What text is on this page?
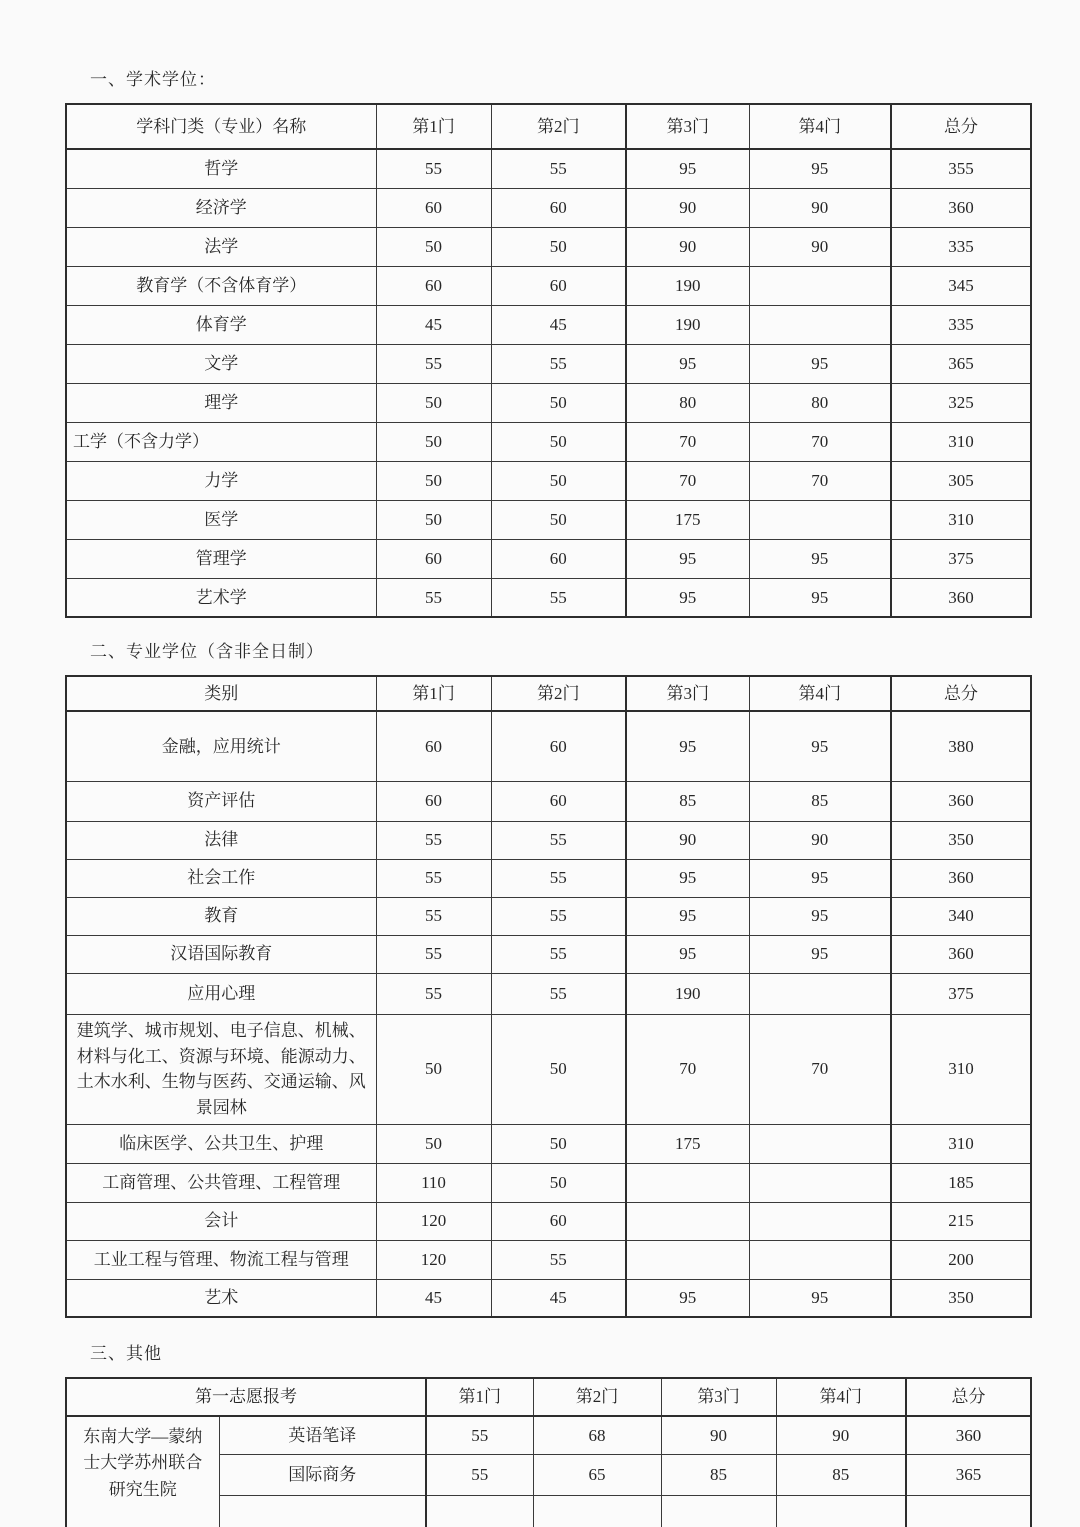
一、学术学位：
学科门类（专业）名称	第1门	第2门	第3门	第4门	总分
哲学	55	55	95	95	355
经济学	60	60	90	90	360
法学	50	50	90	90	335
教育学（不含体育学）	60	60	190		345
体育学	45	45	190		335
文学	55	55	95	95	365
理学	50	50	80	80	325
工学（不含力学）	50	50	70	70	310
力学	50	50	70	70	305
医学	50	50	175		310
管理学	60	60	95	95	375
艺术学	55	55	95	95	360
二、专业学位（含非全日制）
类别	第1门	第2门	第3门	第4门	总分
金融，应用统计	60	60	95	95	380
资产评估	60	60	85	85	360
法律	55	55	90	90	350
社会工作	55	55	95	95	360
教育	55	55	95	95	340
汉语国际教育	55	55	95	95	360
应用心理	55	55	190		375
建筑学、城市规划、电子信息、机械、材料与化工、资源与环境、能源动力、土木水利、生物与医药、交通运输、风景园林	50	50	70	70	310
临床医学、公共卫生、护理	50	50	175		310
工商管理、公共管理、工程管理	110	50			185
会计	120	60			215
工业工程与管理、物流工程与管理	120	55			200
艺术	45	45	95	95	350
三、其他
第一志愿报考		第1门	第2门	第3门	第4门	总分
东南大学—蒙纳士大学苏州联合研究生院	英语笔译	55	68	90	90	360
	国际商务	55	65	85	85	365
